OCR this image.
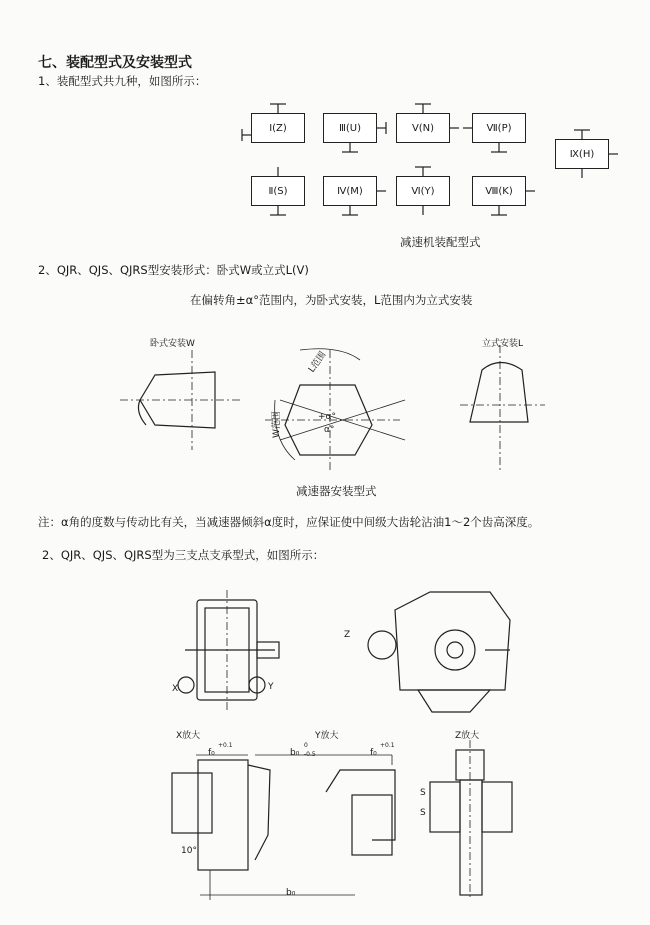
七、装配型式及安装型式
1、装配型式共九种，如图所示：
Ⅰ(Z)	Ⅲ(U)	Ⅴ(N)	Ⅶ(P)
Ⅱ(S)	Ⅳ(M)	Ⅵ(Y)	Ⅷ(K)
Ⅸ(H)
减速机装配型式
2、QJR、QJS、QJRS型安装形式：卧式W或立式L(Ⅴ)
在偏转角±α°范围内，为卧式安装，L范围内为立式安装
卧式安装W	立式安装L
L范围
W范围	+α°
α°
减速器安装型式
注：α角的度数与传动比有关，当减速器倾斜α度时，应保证使中间级大齿轮沾油1～2个齿高深度。
2、QJR、QJS、QJRS型为三支点支承型式，如图所示：
X放大	Y放大	Z放大
f₀
+0.1
b₀
0
-0.5	f₀
+0.1
10°
b₀
S
S
X	Y
Z
